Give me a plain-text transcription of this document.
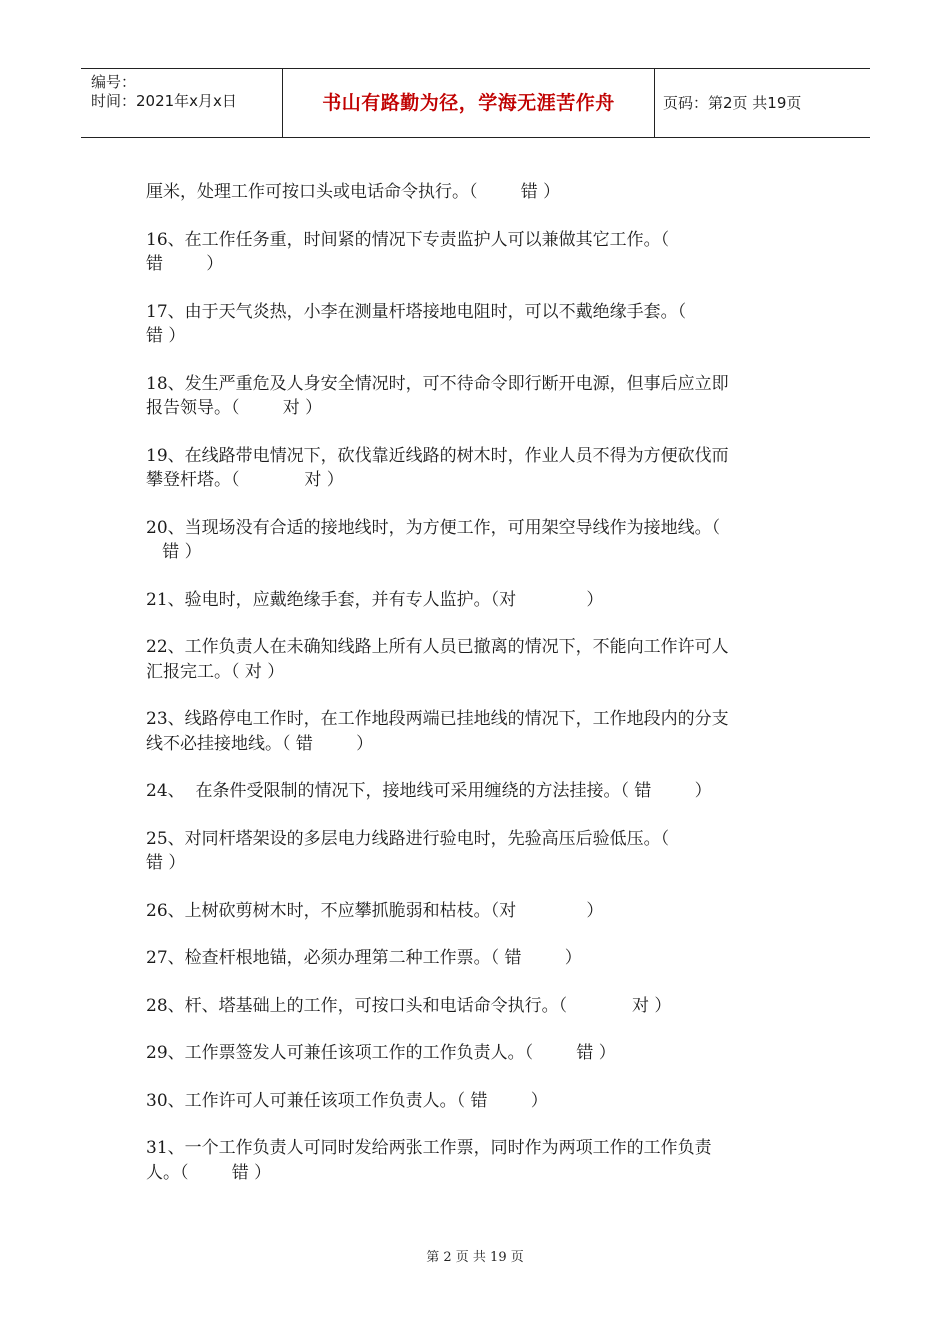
编号：
时间：2021年x月x日	书山有路勤为径，学海无涯苦作舟	页码：第2页 共19页
厘米，处理工作可按口头或电话命令执行。（        错 ）
16、在工作任务重，时间紧的情况下专责监护人可以兼做其它工作。（
错        ）
17、由于天气炎热，小李在测量杆塔接地电阻时，可以不戴绝缘手套。（
错 ）
18、发生严重危及人身安全情况时，可不待命令即行断开电源，但事后应立即
报告领导。（        对 ）
19、在线路带电情况下，砍伐靠近线路的树木时，作业人员不得为方便砍伐而
攀登杆塔。（            对 ）
20、当现场没有合适的接地线时，为方便工作，可用架空导线作为接地线。（
错 ）
21、验电时，应戴绝缘手套，并有专人监护。（对             ）
22、工作负责人在未确知线路上所有人员已撤离的情况下，不能向工作许可人
汇报完工。（ 对 ）
23、线路停电工作时，在工作地段两端已挂地线的情况下，工作地段内的分支
线不必挂接地线。（ 错        ）
24、  在条件受限制的情况下，接地线可采用缠绕的方法挂接。（ 错        ）
25、对同杆塔架设的多层电力线路进行验电时，先验高压后验低压。（
错 ）
26、上树砍剪树木时，不应攀抓脆弱和枯枝。（对             ）
27、检查杆根地锚，必须办理第二种工作票。（ 错        ）
28、杆、塔基础上的工作，可按口头和电话命令执行。（            对 ）
29、工作票签发人可兼任该项工作的工作负责人。（        错 ）
30、工作许可人可兼任该项工作负责人。（ 错        ）
31、一个工作负责人可同时发给两张工作票，同时作为两项工作的工作负责
人。（        错 ）
第 2 页 共 19 页
